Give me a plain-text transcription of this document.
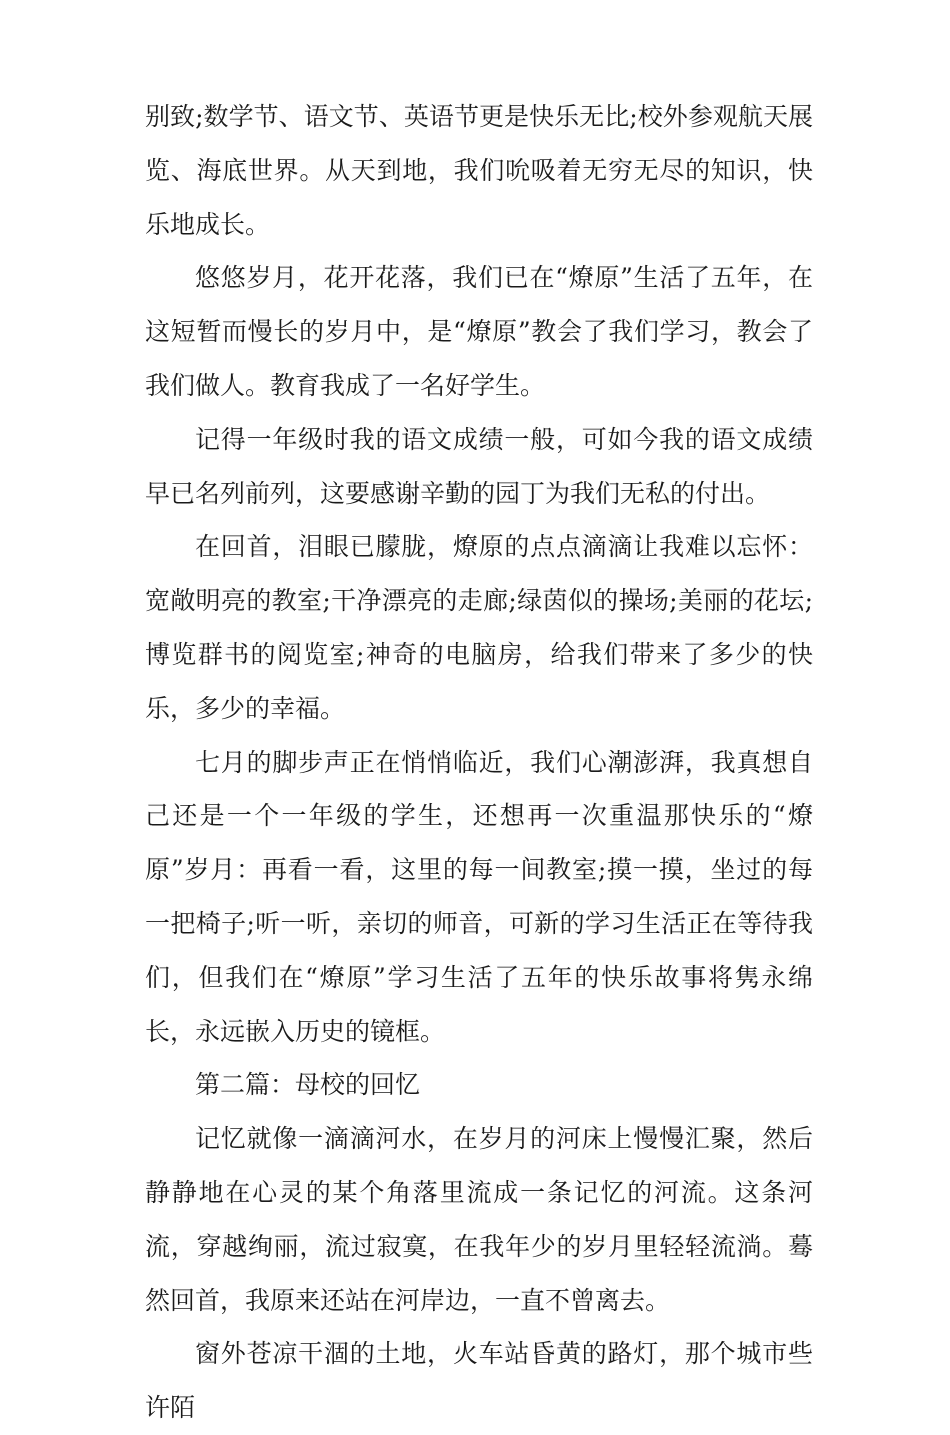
别致;数学节、语文节、英语节更是快乐无比;校外参观航天展览、海底世界。从天到地，我们吮吸着无穷无尽的知识，快乐地成长。

悠悠岁月，花开花落，我们已在“燎原”生活了五年，在这短暂而慢长的岁月中，是“燎原”教会了我们学习，教会了我们做人。教育我成了一名好学生。

记得一年级时我的语文成绩一般，可如今我的语文成绩早已名列前列，这要感谢辛勤的园丁为我们无私的付出。

在回首，泪眼已朦胧，燎原的点点滴滴让我难以忘怀：宽敞明亮的教室;干净漂亮的走廊;绿茵似的操场;美丽的花坛;博览群书的阅览室;神奇的电脑房，给我们带来了多少的快乐，多少的幸福。

七月的脚步声正在悄悄临近，我们心潮澎湃，我真想自己还是一个一年级的学生，还想再一次重温那快乐的“燎原”岁月：再看一看，这里的每一间教室;摸一摸，坐过的每一把椅子;听一听，亲切的师音，可新的学习生活正在等待我们，但我们在“燎原”学习生活了五年的快乐故事将隽永绵长，永远嵌入历史的镜框。

第二篇：母校的回忆

记忆就像一滴滴河水，在岁月的河床上慢慢汇聚，然后静静地在心灵的某个角落里流成一条记忆的河流。这条河流，穿越绚丽，流过寂寞，在我年少的岁月里轻轻流淌。蓦然回首，我原来还站在河岸边，一直不曾离去。

窗外苍凉干涸的土地，火车站昏黄的路灯，那个城市些许陌
